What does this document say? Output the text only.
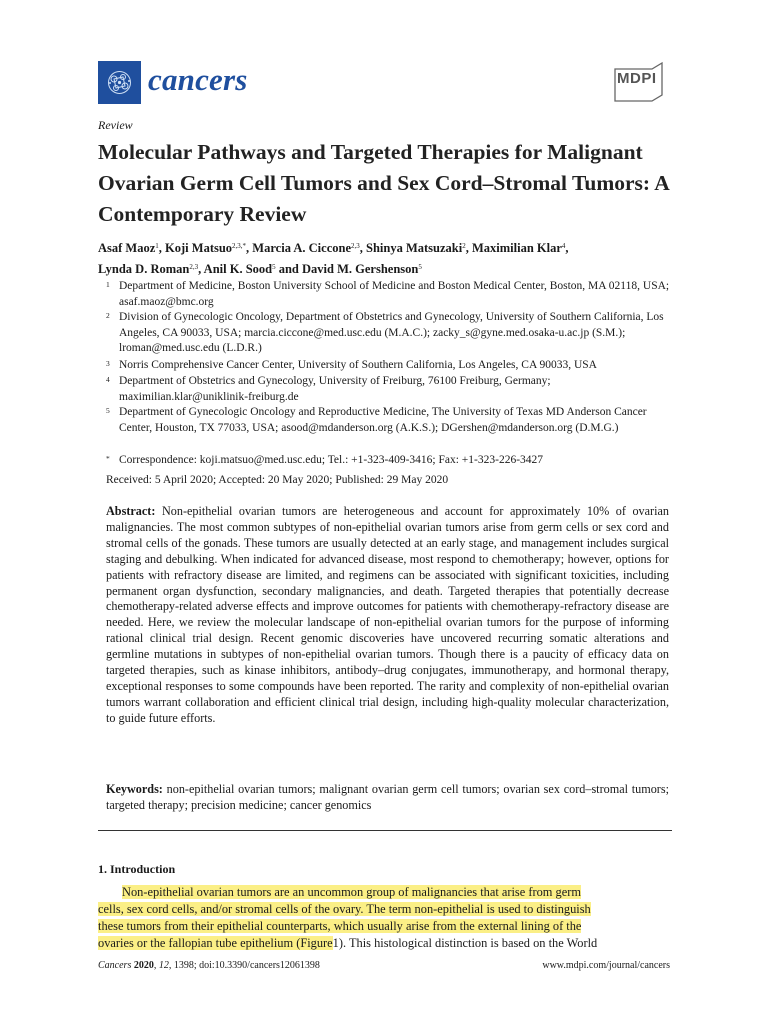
cancers	MDPI
Review
Molecular Pathways and Targeted Therapies for Malignant Ovarian Germ Cell Tumors and Sex Cord–Stromal Tumors: A Contemporary Review
Asaf Maoz$^1$, Koji Matsuo$^{2,3,*}$, Marcia A. Ciccone$^{2,3}$, Shinya Matsuzaki$^2$, Maximilian Klar$^4$,
Lynda D. Roman$^{2,3}$, Anil K. Sood$^5$ and David M. Gershenson$^5$
1 Department of Medicine, Boston University School of Medicine and Boston Medical Center, Boston, MA 02118, USA; asaf.maoz@bmc.org
2 Division of Gynecologic Oncology, Department of Obstetrics and Gynecology, University of Southern California, Los Angeles, CA 90033, USA; marcia.ciccone@med.usc.edu (M.A.C.); zacky_s@gyne.med.osaka-u.ac.jp (S.M.); lroman@med.usc.edu (L.D.R.)
3 Norris Comprehensive Cancer Center, University of Southern California, Los Angeles, CA 90033, USA
4 Department of Obstetrics and Gynecology, University of Freiburg, 76100 Freiburg, Germany; maximilian.klar@uniklinik-freiburg.de
5 Department of Gynecologic Oncology and Reproductive Medicine, The University of Texas MD Anderson Cancer Center, Houston, TX 77033, USA; asood@mdanderson.org (A.K.S.); DGershen@mdanderson.org (D.M.G.)
* Correspondence: koji.matsuo@med.usc.edu; Tel.: +1-323-409-3416; Fax: +1-323-226-3427
Received: 5 April 2020; Accepted: 20 May 2020; Published: 29 May 2020
Abstract: Non-epithelial ovarian tumors are heterogeneous and account for approximately 10% of ovarian malignancies. The most common subtypes of non-epithelial ovarian tumors arise from germ cells or sex cord and stromal cells of the gonads. These tumors are usually detected at an early stage, and management includes surgical staging and debulking. When indicated for advanced disease, most respond to chemotherapy; however, options for patients with refractory disease are limited, and regimens can be associated with significant toxicities, including permanent organ dysfunction, secondary malignancies, and death. Targeted therapies that potentially decrease chemotherapy-related adverse effects and improve outcomes for patients with chemotherapy-refractory disease are needed. Here, we review the molecular landscape of non-epithelial ovarian tumors for the purpose of informing rational clinical trial design. Recent genomic discoveries have uncovered recurring somatic alterations and germline mutations in subtypes of non-epithelial ovarian tumors. Though there is a paucity of efficacy data on targeted therapies, such as kinase inhibitors, antibody–drug conjugates, immunotherapy, and hormonal therapy, exceptional responses to some compounds have been reported. The rarity and complexity of non-epithelial ovarian tumors warrant collaboration and efficient clinical trial design, including high-quality molecular characterization, to guide future efforts.
Keywords: non-epithelial ovarian tumors; malignant ovarian germ cell tumors; ovarian sex cord–stromal tumors; targeted therapy; precision medicine; cancer genomics
1. Introduction
Non-epithelial ovarian tumors are an uncommon group of malignancies that arise from germ
cells, sex cord cells, and/or stromal cells of the ovary. The term non-epithelial is used to distinguish
these tumors from their epithelial counterparts, which usually arise from the external lining of the
ovaries or the fallopian tube epithelium (Figure1). This histological distinction is based on the World
Cancers 2020, 12, 1398; doi:10.3390/cancers12061398	www.mdpi.com/journal/cancers
